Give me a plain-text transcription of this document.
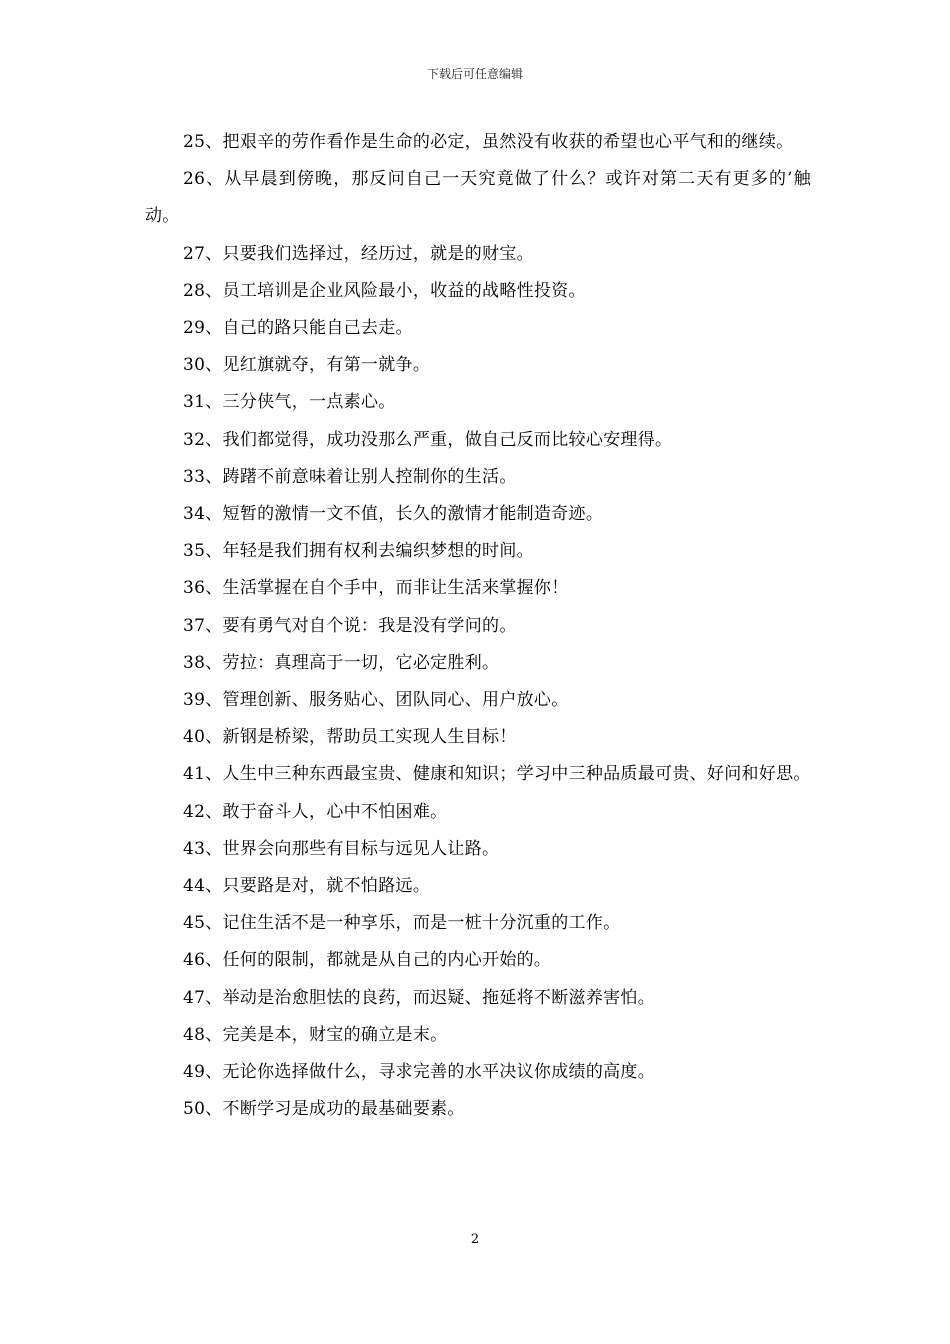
下载后可任意编辑

25、把艰辛的劳作看作是生命的必定，虽然没有收获的希望也心平气和的继续。

26、从早晨到傍晚，那反问自己一天究竟做了什么？或许对第二天有更多的’触动。

27、只要我们选择过，经历过，就是的财宝。

28、员工培训是企业风险最小，收益的战略性投资。

29、自己的路只能自己去走。

30、见红旗就夺，有第一就争。

31、三分侠气，一点素心。

32、我们都觉得，成功没那么严重，做自己反而比较心安理得。

33、踌躇不前意味着让别人控制你的生活。

34、短暂的激情一文不值，长久的激情才能制造奇迹。

35、年轻是我们拥有权利去编织梦想的时间。

36、生活掌握在自个手中，而非让生活来掌握你！

37、要有勇气对自个说：我是没有学问的。

38、劳拉：真理高于一切，它必定胜利。

39、管理创新、服务贴心、团队同心、用户放心。

40、新钢是桥梁，帮助员工实现人生目标！

41、人生中三种东西最宝贵、健康和知识；学习中三种品质最可贵、好问和好思。

42、敢于奋斗人，心中不怕困难。

43、世界会向那些有目标与远见人让路。

44、只要路是对，就不怕路远。

45、记住生活不是一种享乐，而是一桩十分沉重的工作。

46、任何的限制，都就是从自己的内心开始的。

47、举动是治愈胆怯的良药，而迟疑、拖延将不断滋养害怕。

48、完美是本，财宝的确立是末。

49、无论你选择做什么，寻求完善的水平决议你成绩的高度。

50、不断学习是成功的最基础要素。

2
